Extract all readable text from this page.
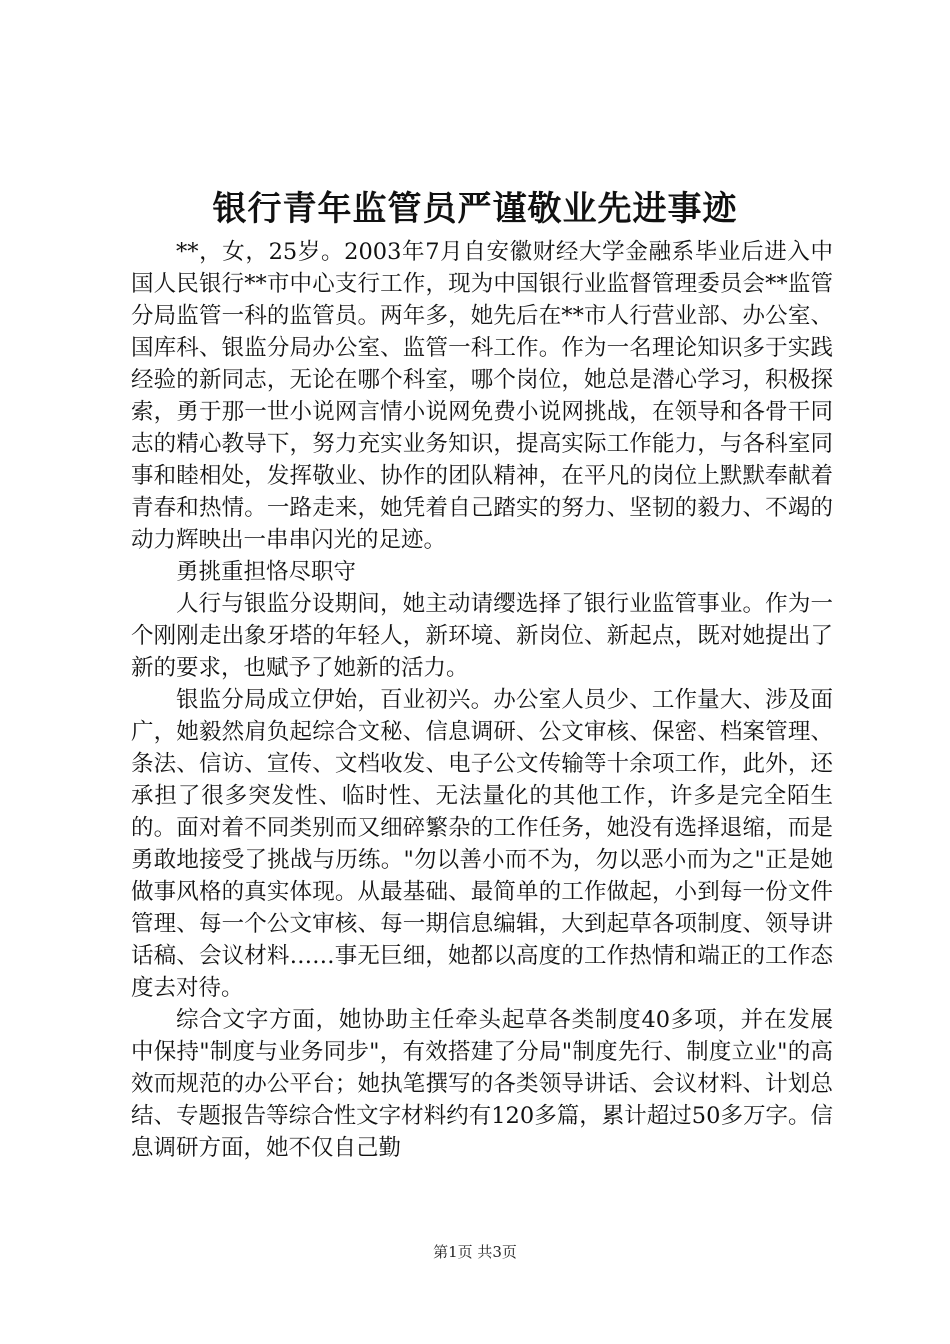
银行青年监管员严谨敬业先进事迹

**，女，25岁。2003年7月自安徽财经大学金融系毕业后进入中国人民银行**市中心支行工作，现为中国银行业监督管理委员会**监管分局监管一科的监管员。两年多，她先后在**市人行营业部、办公室、国库科、银监分局办公室、监管一科工作。作为一名理论知识多于实践经验的新同志，无论在哪个科室，哪个岗位，她总是潜心学习，积极探索，勇于那一世小说网言情小说网免费小说网挑战，在领导和各骨干同志的精心教导下，努力充实业务知识，提高实际工作能力，与各科室同事和睦相处，发挥敬业、协作的团队精神，在平凡的岗位上默默奉献着青春和热情。一路走来，她凭着自己踏实的努力、坚韧的毅力、不竭的动力辉映出一串串闪光的足迹。

勇挑重担恪尽职守

人行与银监分设期间，她主动请缨选择了银行业监管事业。作为一个刚刚走出象牙塔的年轻人，新环境、新岗位、新起点，既对她提出了新的要求，也赋予了她新的活力。

银监分局成立伊始，百业初兴。办公室人员少、工作量大、涉及面广，她毅然肩负起综合文秘、信息调研、公文审核、保密、档案管理、条法、信访、宣传、文档收发、电子公文传输等十余项工作，此外，还承担了很多突发性、临时性、无法量化的其他工作，许多是完全陌生的。面对着不同类别而又细碎繁杂的工作任务，她没有选择退缩，而是勇敢地接受了挑战与历练。"勿以善小而不为，勿以恶小而为之"正是她做事风格的真实体现。从最基础、最简单的工作做起，小到每一份文件管理、每一个公文审核、每一期信息编辑，大到起草各项制度、领导讲话稿、会议材料……事无巨细，她都以高度的工作热情和端正的工作态度去对待。

综合文字方面，她协助主任牵头起草各类制度40多项，并在发展中保持"制度与业务同步"，有效搭建了分局"制度先行、制度立业"的高效而规范的办公平台；她执笔撰写的各类领导讲话、会议材料、计划总结、专题报告等综合性文字材料约有120多篇，累计超过50多万字。信息调研方面，她不仅自己勤

第1页 共3页
